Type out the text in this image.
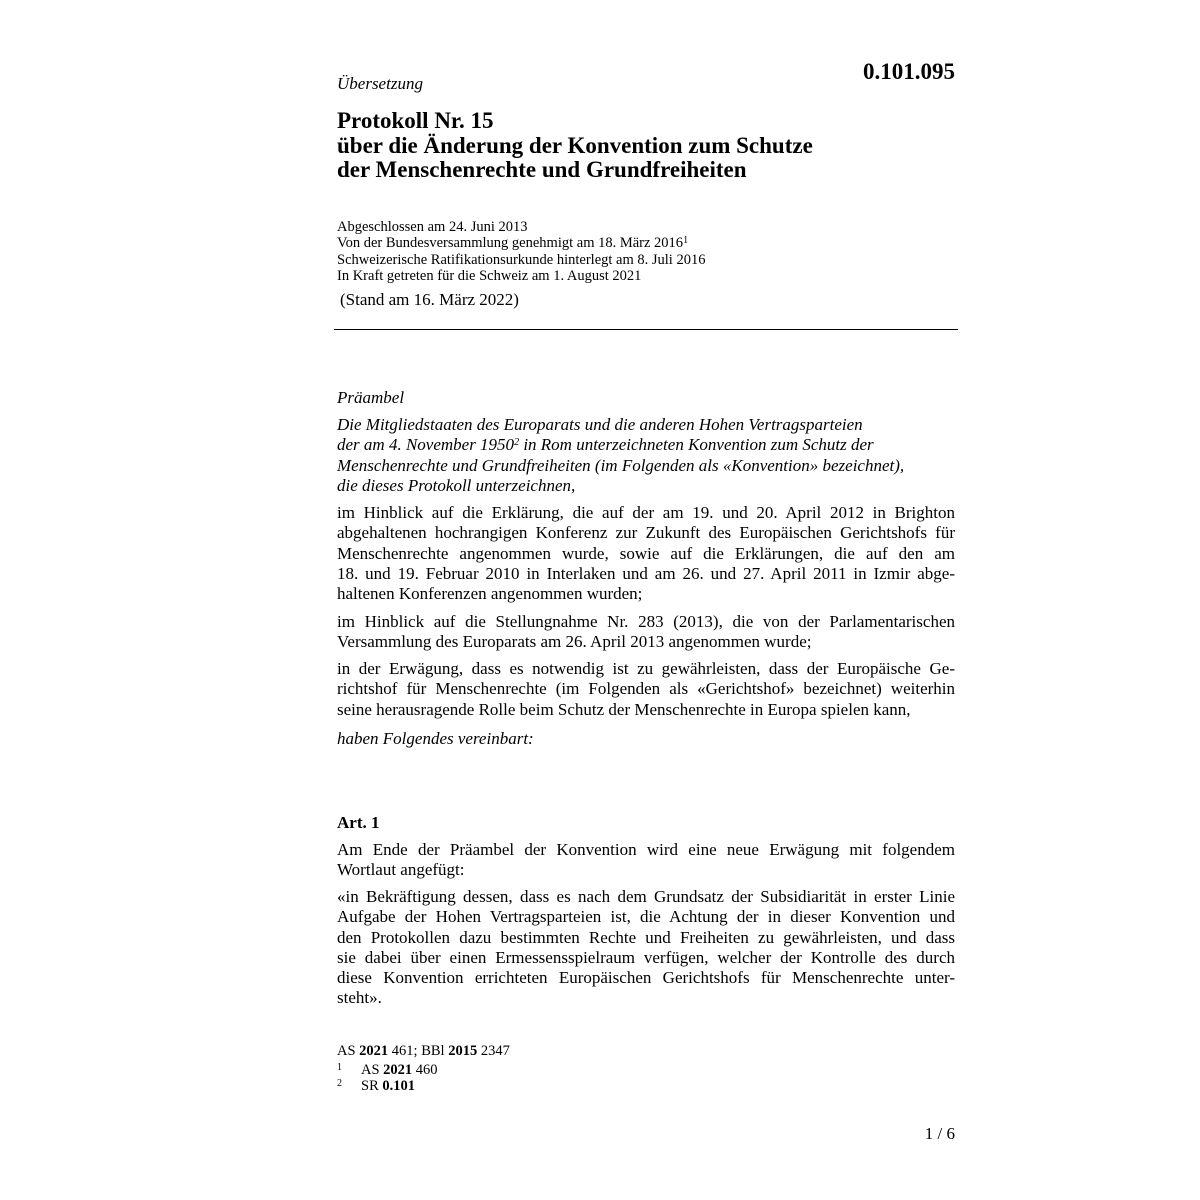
Übersetzung	0.101.095
Protokoll Nr. 15
über die Änderung der Konvention zum Schutze
der Menschenrechte und Grundfreiheiten
Abgeschlossen am 24. Juni 2013
Von der Bundesversammlung genehmigt am 18. März 2016$^1$
Schweizerische Ratifikationsurkunde hinterlegt am 8. Juli 2016
In Kraft getreten für die Schweiz am 1. August 2021
(Stand am 16. März 2022)
Präambel
Die Mitgliedstaaten des Europarats und die anderen Hohen Vertragsparteien
der am 4. November 1950$^2$ in Rom unterzeichneten Konvention zum Schutz der
Menschenrechte und Grundfreiheiten (im Folgenden als «Konvention» bezeichnet),
die dieses Protokoll unterzeichnen,
im Hinblick auf die Erklärung, die auf der am 19. und 20. April 2012 in Brighton
abgehaltenen hochrangigen Konferenz zur Zukunft des Europäischen Gerichtshofs für
Menschenrechte angenommen wurde, sowie auf die Erklärungen, die auf den am
18. und 19. Februar 2010 in Interlaken und am 26. und 27. April 2011 in Izmir abge-
haltenen Konferenzen angenommen wurden;
im Hinblick auf die Stellungnahme Nr. 283 (2013), die von der Parlamentarischen
Versammlung des Europarats am 26. April 2013 angenommen wurde;
in der Erwägung, dass es notwendig ist zu gewährleisten, dass der Europäische Ge-
richtshof für Menschenrechte (im Folgenden als «Gerichtshof» bezeichnet) weiterhin
seine herausragende Rolle beim Schutz der Menschenrechte in Europa spielen kann,
haben Folgendes vereinbart:
Art. 1
Am Ende der Präambel der Konvention wird eine neue Erwägung mit folgendem
Wortlaut angefügt:
«in Bekräftigung dessen, dass es nach dem Grundsatz der Subsidiarität in erster Linie
Aufgabe der Hohen Vertragsparteien ist, die Achtung der in dieser Konvention und
den Protokollen dazu bestimmten Rechte und Freiheiten zu gewährleisten, und dass
sie dabei über einen Ermessensspielraum verfügen, welcher der Kontrolle des durch
diese Konvention errichteten Europäischen Gerichtshofs für Menschenrechte unter-
steht».
AS 2021 461; BBl 2015 2347
1	AS 2021 460
2	SR 0.101
1 / 6
